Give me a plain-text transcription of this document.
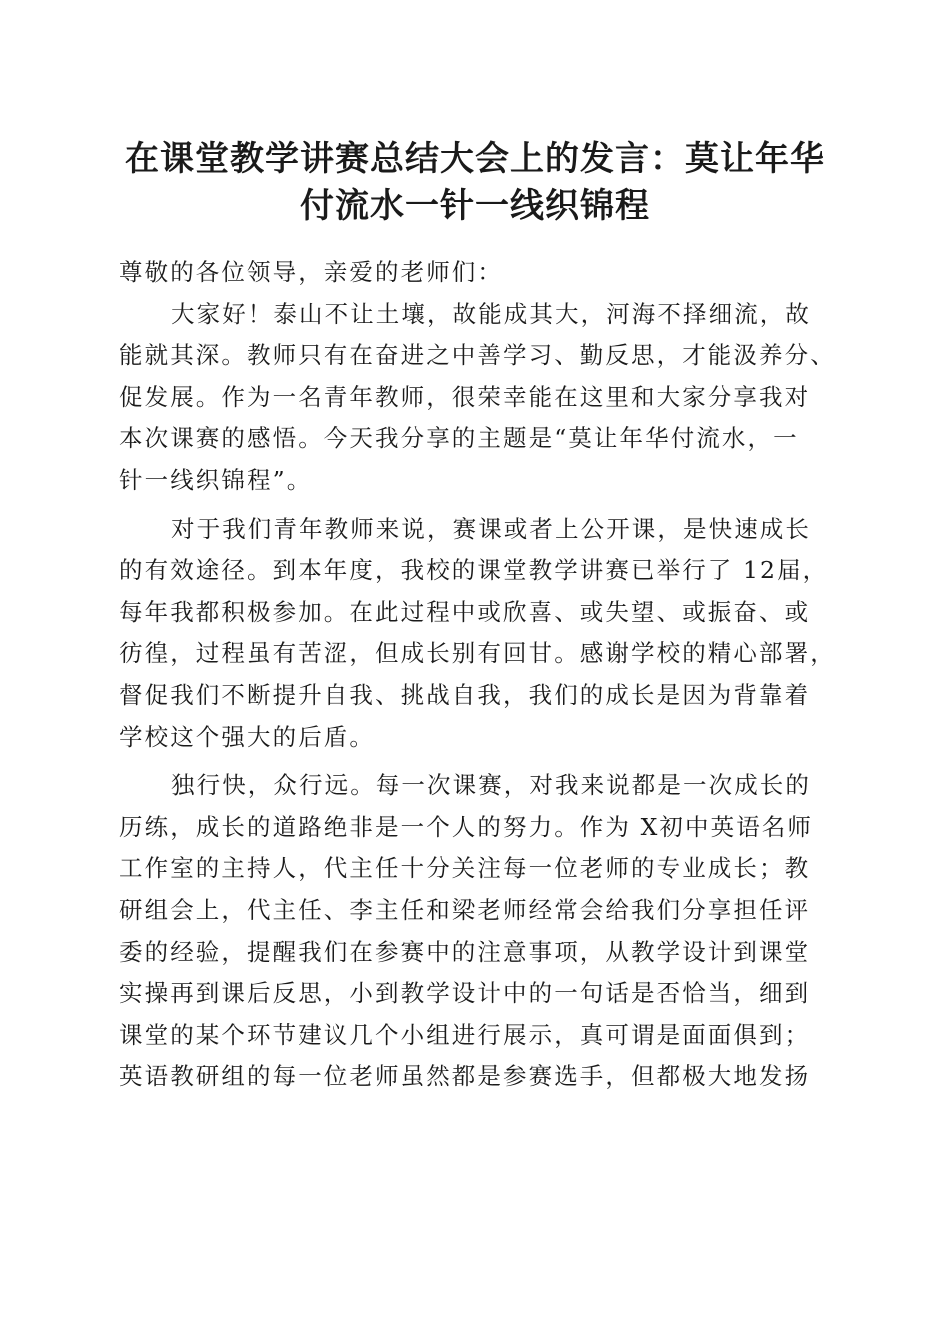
在课堂教学讲赛总结大会上的发言：莫让年华
付流水一针一线织锦程
尊敬的各位领导，亲爱的老师们：
大家好！泰山不让土壤，故能成其大，河海不择细流，故
能就其深。教师只有在奋进之中善学习、勤反思，才能汲养分、
促发展。作为一名青年教师，很荣幸能在这里和大家分享我对
本次课赛的感悟。今天我分享的主题是“莫让年华付流水，一
针一线织锦程”。
对于我们青年教师来说，赛课或者上公开课，是快速成长
的有效途径。到本年度，我校的课堂教学讲赛已举行了 12届，
每年我都积极参加。在此过程中或欣喜、或失望、或振奋、或
彷徨，过程虽有苦涩，但成长别有回甘。感谢学校的精心部署，
督促我们不断提升自我、挑战自我，我们的成长是因为背靠着
学校这个强大的后盾。
独行快，众行远。每一次课赛，对我来说都是一次成长的
历练，成长的道路绝非是一个人的努力。作为 X初中英语名师
工作室的主持人，代主任十分关注每一位老师的专业成长；教
研组会上，代主任、李主任和梁老师经常会给我们分享担任评
委的经验，提醒我们在参赛中的注意事项，从教学设计到课堂
实操再到课后反思，小到教学设计中的一句话是否恰当，细到
课堂的某个环节建议几个小组进行展示，真可谓是面面俱到；
英语教研组的每一位老师虽然都是参赛选手，但都极大地发扬
